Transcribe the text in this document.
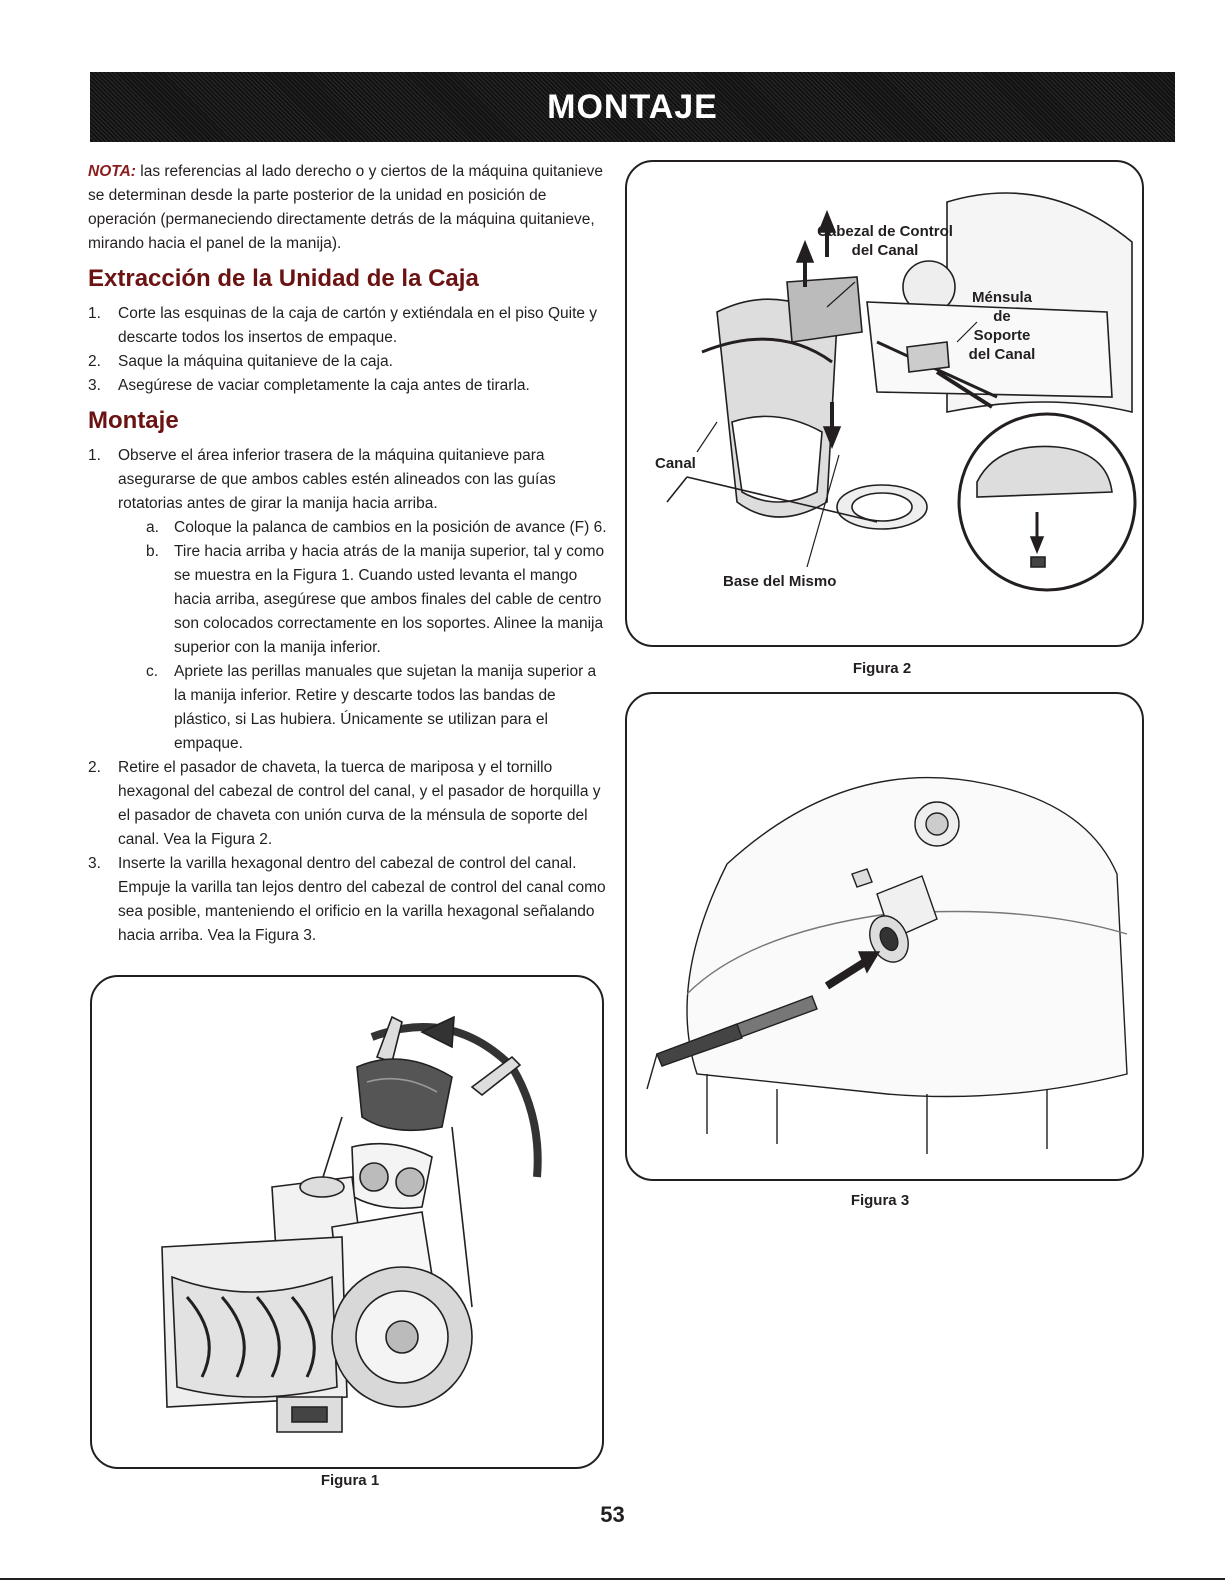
MONTAJE

NOTA: las referencias al lado derecho o y ciertos de la máquina quitanieve se determinan desde la parte posterior de la unidad en posición de operación (permaneciendo directamente detrás de la máquina quitanieve, mirando hacia el panel de la manija).

Extracción de la Unidad de la Caja

1. Corte las esquinas de la caja de cartón y extiéndala en el piso Quite y descarte todos los insertos de empaque.

2. Saque la máquina quitanieve de la caja.

3. Asegúrese de vaciar completamente la caja antes de tirarla.

Montaje

1. Observe el área inferior trasera de la máquina quitanieve para asegurarse de que ambos cables estén alineados con las guías rotatorias antes de girar la manija hacia arriba.

a. Coloque la palanca de cambios en la posición de avance (F) 6.

b. Tire hacia arriba y hacia atrás de la manija superior, tal y como se muestra en la Figura 1. Cuando usted levanta el mango hacia arriba, asegúrese que ambos finales del cable de centro son colocados correctamente en los soportes. Alinee la manija superior con la manija inferior.

c. Apriete las perillas manuales que sujetan la manija superior a la manija inferior. Retire y descarte todos las bandas de plástico, si Las hubiera. Únicamente se utilizan para el empaque.

2. Retire el pasador de chaveta, la tuerca de mariposa y el tornillo hexagonal del cabezal de control del canal, y el pasador de horquilla y el pasador de chaveta con unión curva de la ménsula de soporte del canal. Vea la Figura 2.

3. Inserte la varilla hexagonal dentro del cabezal de control del canal. Empuje la varilla tan lejos dentro del cabezal de control del canal como sea posible, manteniendo el orificio en la varilla hexagonal señalando hacia arriba. Vea la Figura 3.

Figura 1
Cabezal de Control del Canal
Ménsula de Soporte del Canal
Canal
Base del Mismo
Figura 2
Figura 3
53
